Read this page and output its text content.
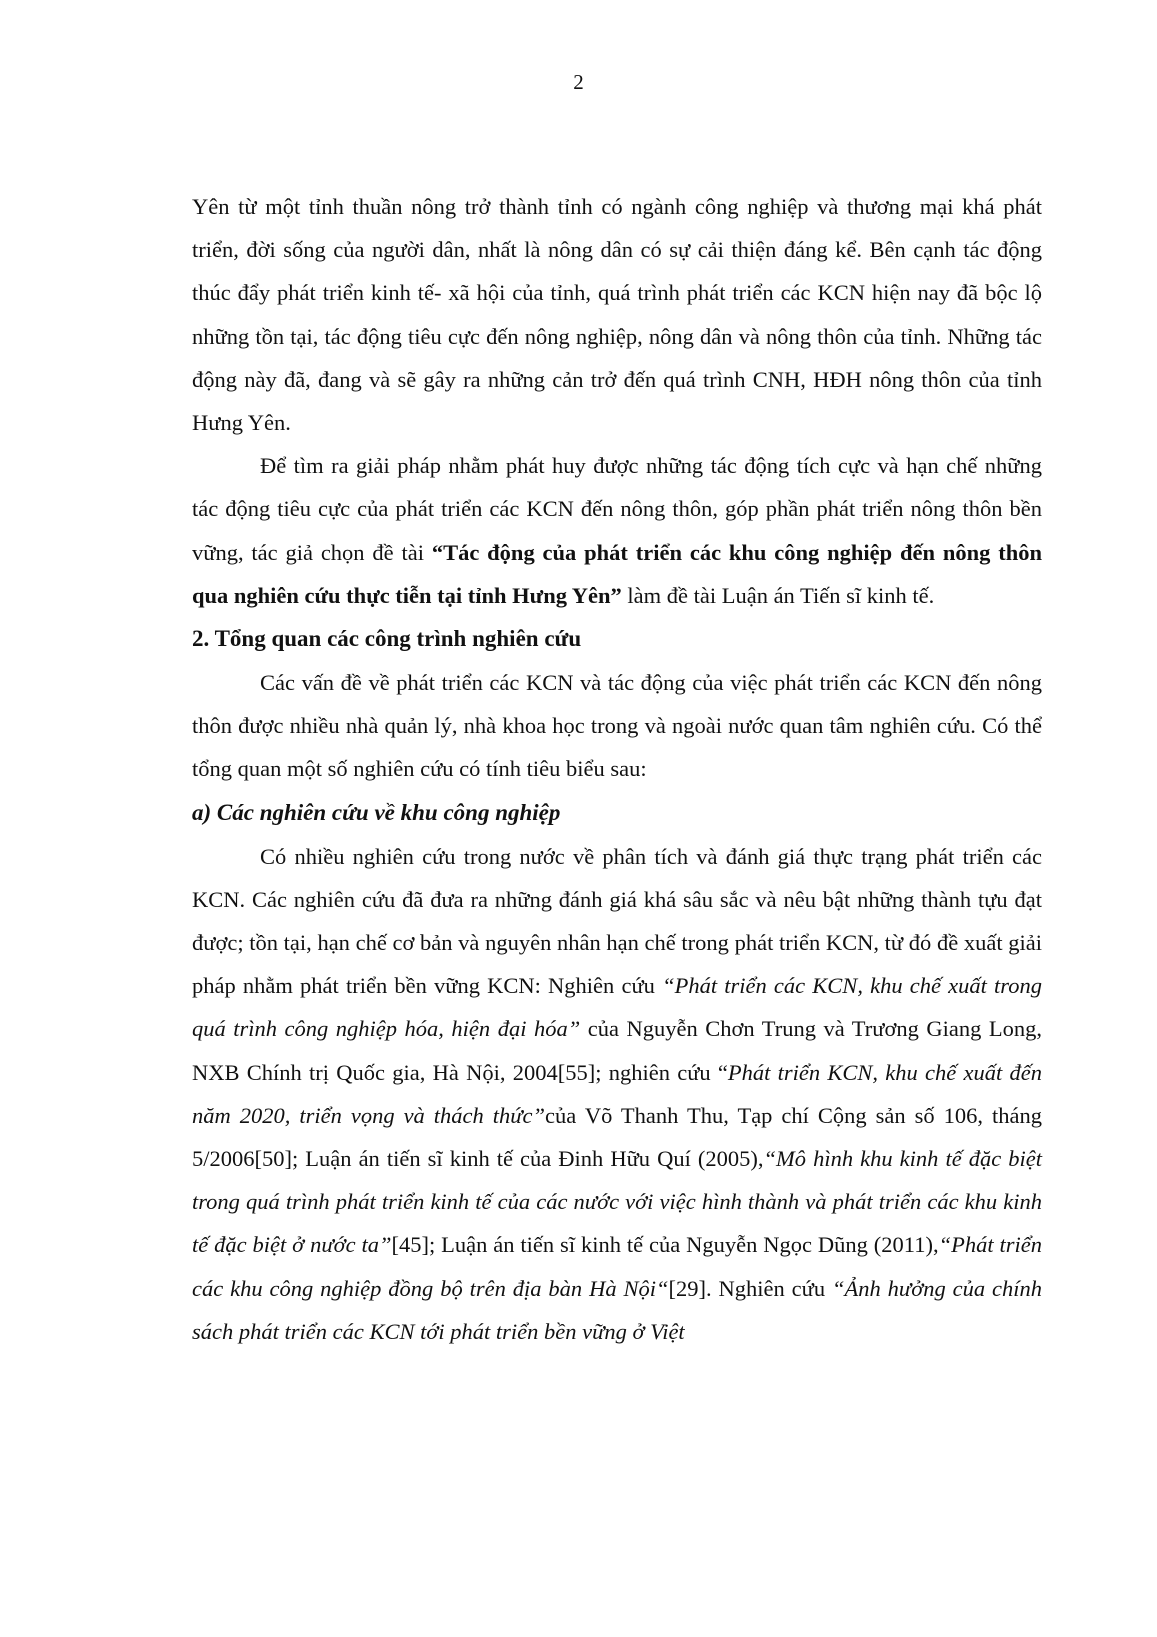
2

Yên từ một tỉnh thuần nông trở thành tỉnh có ngành công nghiệp và thương mại khá phát triển, đời sống của người dân, nhất là nông dân có sự cải thiện đáng kể. Bên cạnh tác động thúc đẩy phát triển kinh tế- xã hội của tỉnh, quá trình phát triển các KCN hiện nay đã bộc lộ những tồn tại, tác động tiêu cực đến nông nghiệp, nông dân và nông thôn của tỉnh. Những tác động này đã, đang và sẽ gây ra những cản trở đến quá trình CNH, HĐH nông thôn của tỉnh Hưng Yên.

Để tìm ra giải pháp nhằm phát huy được những tác động tích cực và hạn chế những tác động tiêu cực của phát triển các KCN đến nông thôn, góp phần phát triển nông thôn bền vững, tác giả chọn đề tài “Tác động của phát triển các khu công nghiệp đến nông thôn qua nghiên cứu thực tiễn tại tỉnh Hưng Yên” làm đề tài Luận án Tiến sĩ kinh tế.

2. Tổng quan các công trình nghiên cứu

Các vấn đề về phát triển các KCN và tác động của việc phát triển các KCN đến nông thôn được nhiều nhà quản lý, nhà khoa học trong và ngoài nước quan tâm nghiên cứu. Có thể tổng quan một số nghiên cứu có tính tiêu biểu sau:

a) Các nghiên cứu về khu công nghiệp

Có nhiều nghiên cứu trong nước về phân tích và đánh giá thực trạng phát triển các KCN. Các nghiên cứu đã đưa ra những đánh giá khá sâu sắc và nêu bật những thành tựu đạt được; tồn tại, hạn chế cơ bản và nguyên nhân hạn chế trong phát triển KCN, từ đó đề xuất giải pháp nhằm phát triển bền vững KCN: Nghiên cứu “Phát triển các KCN, khu chế xuất trong quá trình công nghiệp hóa, hiện đại hóa” của Nguyễn Chơn Trung và Trương Giang Long, NXB Chính trị Quốc gia, Hà Nội, 2004[55]; nghiên cứu “Phát triển KCN, khu chế xuất đến năm 2020, triển vọng và thách thức”của Võ Thanh Thu, Tạp chí Cộng sản số 106, tháng 5/2006[50]; Luận án tiến sĩ kinh tế của Đinh Hữu Quí (2005),“Mô hình khu kinh tế đặc biệt trong quá trình phát triển kinh tế của các nước với việc hình thành và phát triển các khu kinh tế đặc biệt ở nước ta”[45]; Luận án tiến sĩ kinh tế của Nguyễn Ngọc Dũng (2011),“Phát triển các khu công nghiệp đồng bộ trên địa bàn Hà Nội“[29]. Nghiên cứu “Ảnh hưởng của chính sách phát triển các KCN tới phát triển bền vững ở Việt
